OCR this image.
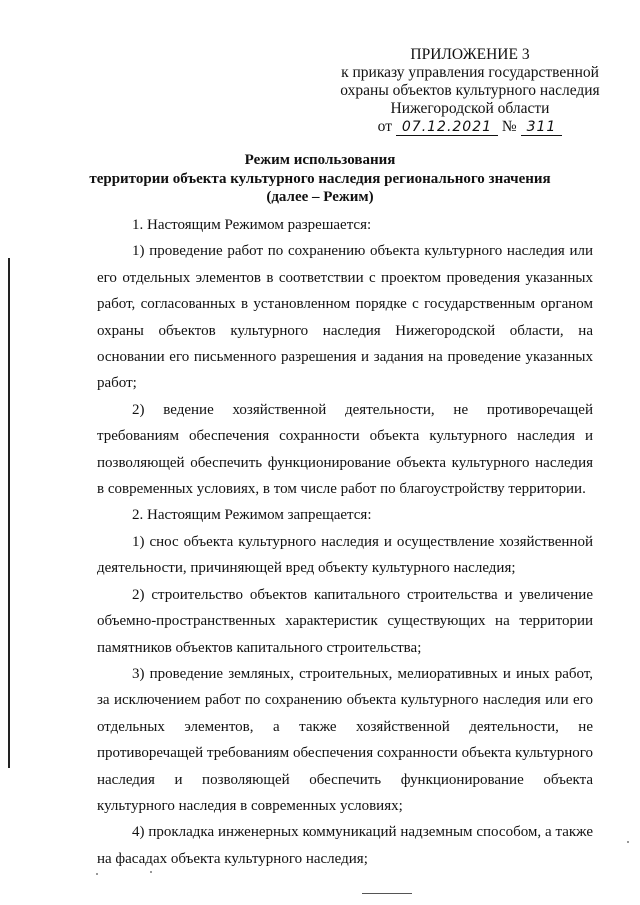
ПРИЛОЖЕНИЕ 3
к приказу управления государственной
охраны объектов культурного наследия
Нижегородской области
от 07.12.2021 № 311
Режим использования
территории объекта культурного наследия регионального значения
(далее – Режим)

1. Настоящим Режимом разрешается:

1) проведение работ по сохранению объекта культурного наследия или его отдельных элементов в соответствии с проектом проведения указанных работ, согласованных в установленном порядке с государственным органом охраны объектов культурного наследия Нижегородской области, на основании его письменного разрешения и задания на проведение указанных работ;

2) ведение хозяйственной деятельности, не противоречащей требованиям обеспечения сохранности объекта культурного наследия и позволяющей обеспечить функционирование объекта культурного наследия в современных условиях, в том числе работ по благоустройству территории.

2. Настоящим Режимом запрещается:

1) снос объекта культурного наследия и осуществление хозяйственной деятельности, причиняющей вред объекту культурного наследия;

2) строительство объектов капитального строительства и увеличение объемно-пространственных характеристик существующих на территории памятников объектов капитального строительства;

3) проведение земляных, строительных, мелиоративных и иных работ, за исключением работ по сохранению объекта культурного наследия или его отдельных элементов, а также хозяйственной деятельности, не противоречащей требованиям обеспечения сохранности объекта культурного наследия и позволяющей обеспечить функционирование объекта культурного наследия в современных условиях;

4) прокладка инженерных коммуникаций надземным способом, а также на фасадах объекта культурного наследия;
